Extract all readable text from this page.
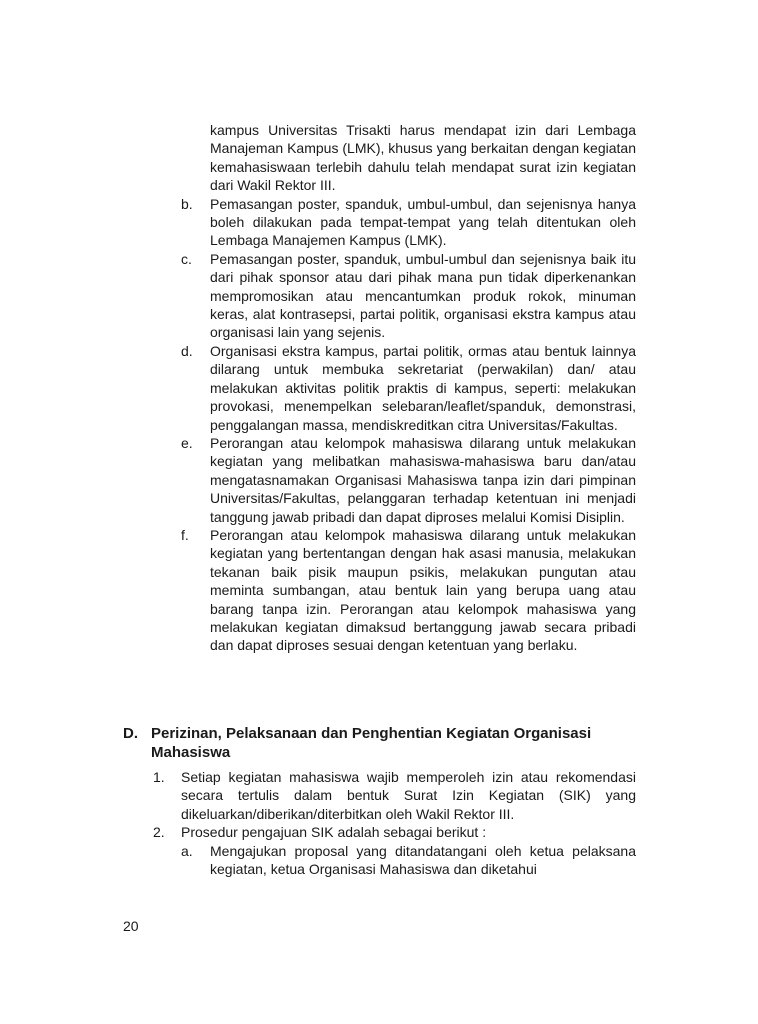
kampus Universitas Trisakti harus mendapat izin dari Lembaga Manajeman Kampus (LMK), khusus yang berkaitan dengan kegiatan kemahasiswaan terlebih dahulu telah mendapat surat izin kegiatan dari Wakil Rektor III.
b. Pemasangan poster, spanduk, umbul-umbul, dan sejenisnya hanya boleh dilakukan pada tempat-tempat yang telah ditentukan oleh Lembaga Manajemen Kampus (LMK).
c. Pemasangan poster, spanduk, umbul-umbul dan sejenisnya baik itu dari pihak sponsor atau dari pihak mana pun tidak diperkenankan mempromosikan atau mencantumkan produk rokok, minuman keras, alat kontrasepsi, partai politik, organisasi ekstra kampus atau organisasi lain yang sejenis.
d. Organisasi ekstra kampus, partai politik, ormas atau bentuk lainnya dilarang untuk membuka sekretariat (perwakilan) dan/ atau melakukan aktivitas politik praktis di kampus, seperti: melakukan provokasi, menempelkan selebaran/leaflet/spanduk, demonstrasi, penggalangan massa, mendiskreditkan citra Universitas/Fakultas.
e. Perorangan atau kelompok mahasiswa dilarang untuk melakukan kegiatan yang melibatkan mahasiswa-mahasiswa baru dan/atau mengatasnamakan Organisasi Mahasiswa tanpa izin dari pimpinan Universitas/Fakultas, pelanggaran terhadap ketentuan ini menjadi tanggung jawab pribadi dan dapat diproses melalui Komisi Disiplin.
f. Perorangan atau kelompok mahasiswa dilarang untuk melakukan kegiatan yang bertentangan dengan hak asasi manusia, melakukan tekanan baik pisik maupun psikis, melakukan pungutan atau meminta sumbangan, atau bentuk lain yang berupa uang atau barang tanpa izin. Perorangan atau kelompok mahasiswa yang melakukan kegiatan dimaksud bertanggung jawab secara pribadi dan dapat diproses sesuai dengan ketentuan yang berlaku.
D. Perizinan, Pelaksanaan dan Penghentian Kegiatan Organisasi Mahasiswa
1. Setiap kegiatan mahasiswa wajib memperoleh izin atau rekomendasi secara tertulis dalam bentuk Surat Izin Kegiatan (SIK) yang dikeluarkan/diberikan/diterbitkan oleh Wakil Rektor III.
2. Prosedur pengajuan SIK adalah sebagai berikut :
a. Mengajukan proposal yang ditandatangani oleh ketua pelaksana kegiatan, ketua Organisasi Mahasiswa dan diketahui
20
